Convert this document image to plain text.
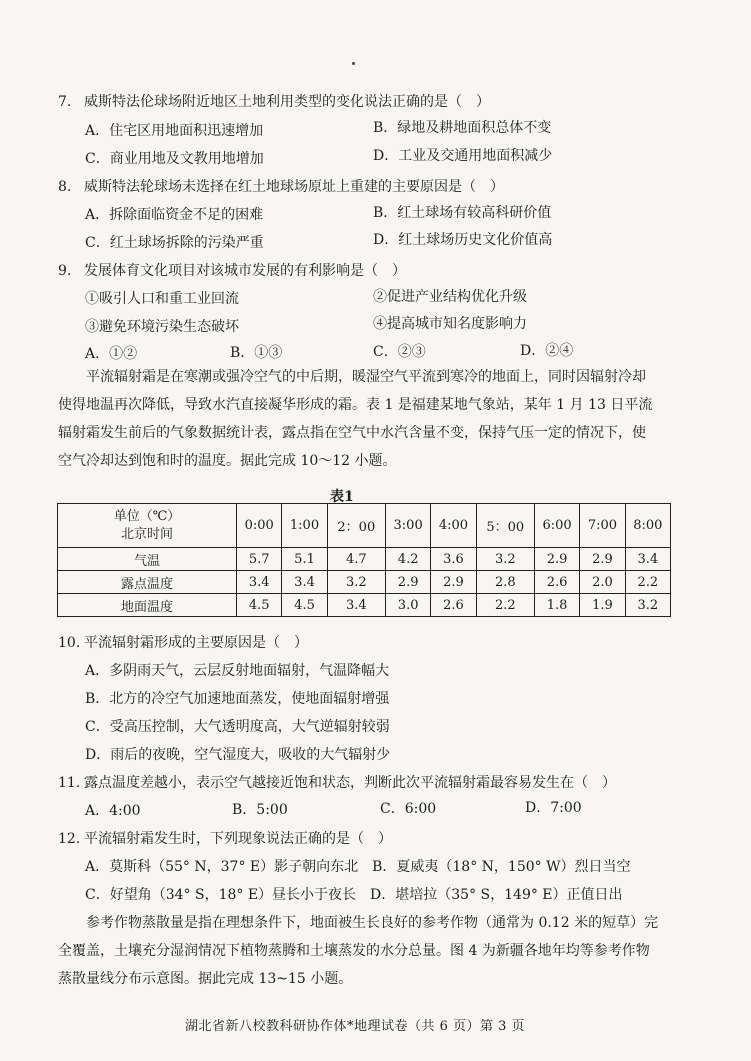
7. 威斯特法伦球场附近地区土地利用类型的变化说法正确的是（　）
A．住宅区用地面积迅速增加	B．绿地及耕地面积总体不变
C．商业用地及文教用地增加	D．工业及交通用地面积减少
8. 威斯特法轮球场未选择在红土地球场原址上重建的主要原因是（　）
A．拆除面临资金不足的困难	B．红土球场有较高科研价值
C．红土球场拆除的污染严重	D．红土球场历史文化价值高
9. 发展体育文化项目对该城市发展的有利影响是（　）
①吸引人口和重工业回流	②促进产业结构优化升级
③避免环境污染生态破坏	④提高城市知名度影响力
A．①②	B．①③	C．②③	D．②④
平流辐射霜是在寒潮或强冷空气的中后期，暖湿空气平流到寒冷的地面上，同时因辐射冷却
使得地温再次降低，导致水汽直接凝华形成的霜。表 1 是福建某地气象站，某年 1 月 13 日平流
辐射霜发生前后的气象数据统计表，露点指在空气中水汽含量不变，保持气压一定的情况下，使
空气冷却达到饱和时的温度。据此完成 10～12 小题。
表1
单位（℃）
北京时间	0:00	1:00	2：00	3:00	4:00	5：00	6:00	7:00	8:00
气温	5.7	5.1	4.7	4.2	3.6	3.2	2.9	2.9	3.4
露点温度	3.4	3.4	3.2	2.9	2.9	2.8	2.6	2.0	2.2
地面温度	4.5	4.5	3.4	3.0	2.6	2.2	1.8	1.9	3.2
10. 平流辐射霜形成的主要原因是（　）
A．多阴雨天气，云层反射地面辐射，气温降幅大
B．北方的冷空气加速地面蒸发，使地面辐射增强
C．受高压控制，大气透明度高，大气逆辐射较弱
D．雨后的夜晚，空气湿度大，吸收的大气辐射少
11. 露点温度差越小，表示空气越接近饱和状态，判断此次平流辐射霜最容易发生在（　）
A．4:00	B．5:00	C．6:00	D．7:00
12. 平流辐射霜发生时，下列现象说法正确的是（　）
A．莫斯科（55° N，37° E）影子朝向东北　B．夏威夷（18° N，150° W）烈日当空
C．好望角（34° S，18° E）昼长小于夜长　D．堪培拉（35° S，149° E）正值日出
参考作物蒸散量是指在理想条件下，地面被生长良好的参考作物（通常为 0.12 米的短草）完
全覆盖，土壤充分湿润情况下植物蒸腾和土壤蒸发的水分总量。图 4 为新疆各地年均等参考作物
蒸散量线分布示意图。据此完成 13~15 小题。
湖北省新八校教科研协作体*地理试卷（共 6 页）第 3 页
